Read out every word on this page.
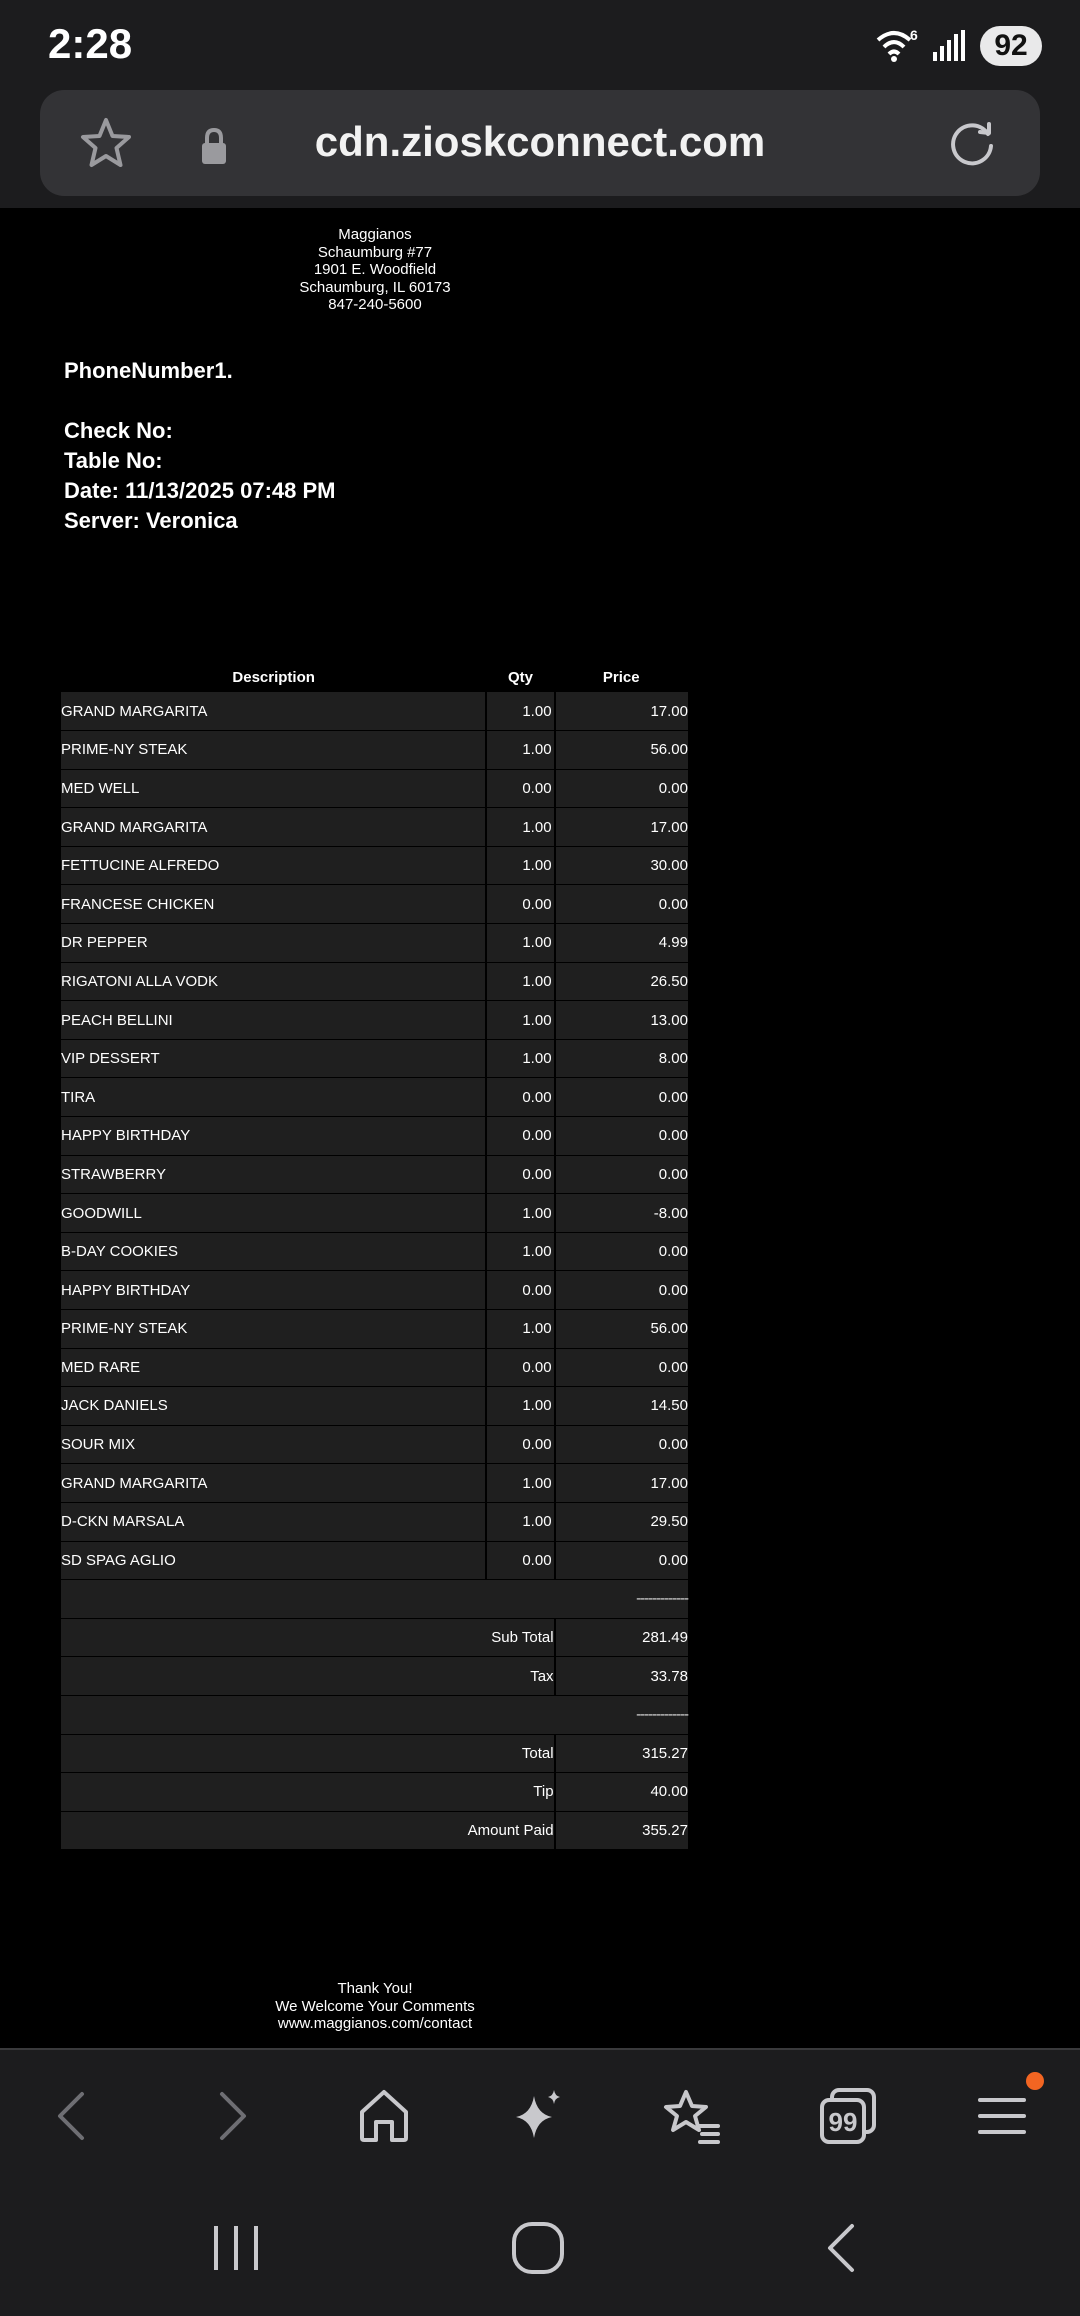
2:28	6	92
cdn.zioskconnect.com
Maggianos
Schaumburg #77
1901 E. Woodfield
Schaumburg, IL 60173
847-240-5600
PhoneNumber1.
Check No:
Table No:
Date: 11/13/2025 07:48 PM
Server: Veronica
Description	Qty	Price
GRAND MARGARITA	1.00	17.00
PRIME-NY STEAK	1.00	56.00
MED WELL	0.00	0.00
GRAND MARGARITA	1.00	17.00
FETTUCINE ALFREDO	1.00	30.00
FRANCESE CHICKEN	0.00	0.00
DR PEPPER	1.00	4.99
RIGATONI ALLA VODK	1.00	26.50
PEACH BELLINI	1.00	13.00
VIP DESSERT	1.00	8.00
TIRA	0.00	0.00
HAPPY BIRTHDAY	0.00	0.00
STRAWBERRY	0.00	0.00
GOODWILL	1.00	-8.00
B-DAY COOKIES	1.00	0.00
HAPPY BIRTHDAY	0.00	0.00
PRIME-NY STEAK	1.00	56.00
MED RARE	0.00	0.00
JACK DANIELS	1.00	14.50
SOUR MIX	0.00	0.00
GRAND MARGARITA	1.00	17.00
D-CKN MARSALA	1.00	29.50
SD SPAG AGLIO	0.00	0.00
		-------------
Sub Total		281.49
Tax		33.78
		-------------
Total		315.27
Tip		40.00
Amount Paid		355.27
Thank You!
We Welcome Your Comments
www.maggianos.com/contact
99
